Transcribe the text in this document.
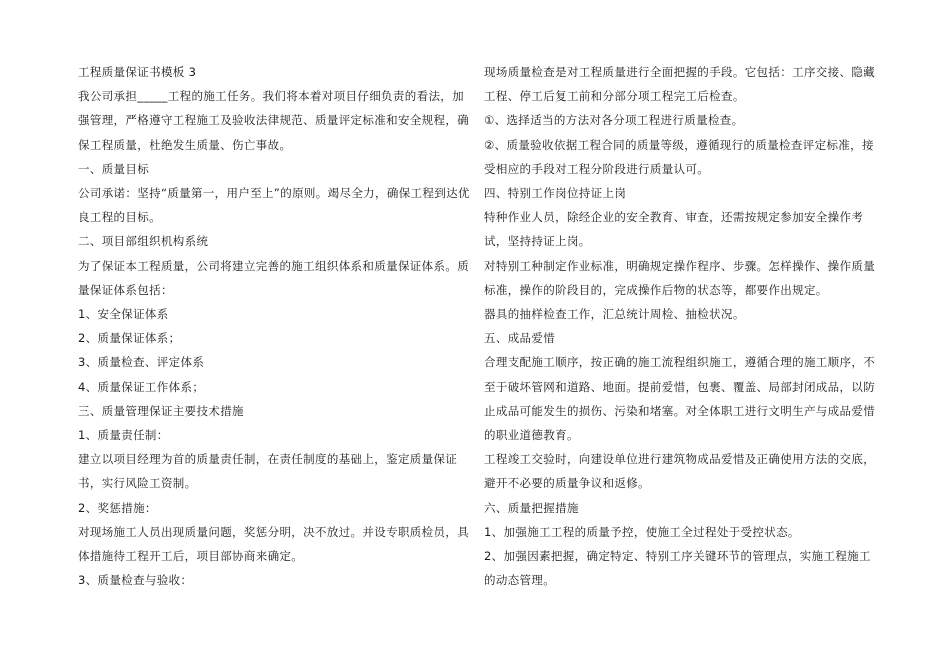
工程质量保证书模板 3

我公司承担_____工程的施工任务。我们将本着对项目仔细负责的看法，加强管理，严格遵守工程施工及验收法律规范、质量评定标准和安全规程，确保工程质量，杜绝发生质量、伤亡事故。

一、质量目标

公司承诺：坚持“质量第一，用户至上”的原则。竭尽全力，确保工程到达优良工程的目标。

二、项目部组织机构系统

为了保证本工程质量，公司将建立完善的施工组织体系和质量保证体系。质量保证体系包括：

1、安全保证体系

2、质量保证体系；

3、质量检查、评定体系

4、质量保证工作体系；

三、质量管理保证主要技术措施

1、质量责任制：

建立以项目经理为首的质量责任制，在责任制度的基础上，鉴定质量保证书，实行风险工资制。

2、奖惩措施：

对现场施工人员出现质量问题，奖惩分明，决不放过。并设专职质检员，具体措施待工程开工后，项目部协商来确定。

3、质量检查与验收：

现场质量检查是对工程质量进行全面把握的手段。它包括：工序交接、隐藏工程、停工后复工前和分部分项工程完工后检查。

①、选择适当的方法对各分项工程进行质量检查。

②、质量验收依据工程合同的质量等级，遵循现行的质量检查评定标准，接受相应的手段对工程分阶段进行质量认可。

四、特别工作岗位持证上岗

特种作业人员，除经企业的安全教育、审查，还需按规定参加安全操作考试，坚持持证上岗。

对特别工种制定作业标准，明确规定操作程序、步骤。怎样操作、操作质量标准，操作的阶段目的，完成操作后物的状态等，都要作出规定。

器具的抽样检查工作，汇总统计周检、抽检状况。

五、成品爱惜

合理支配施工顺序，按正确的施工流程组织施工，遵循合理的施工顺序，不至于破坏管网和道路、地面。提前爱惜，包裹、覆盖、局部封闭成品，以防止成品可能发生的损伤、污染和堵塞。对全体职工进行文明生产与成品爱惜的职业道德教育。

工程竣工交验时，向建设单位进行建筑物成品爱惜及正确使用方法的交底，避开不必要的质量争议和返修。

六、质量把握措施

1、加强施工工程的质量予控，使施工全过程处于受控状态。

2、加强因素把握，确定特定、特别工序关键环节的管理点，实施工程施工的动态管理。
